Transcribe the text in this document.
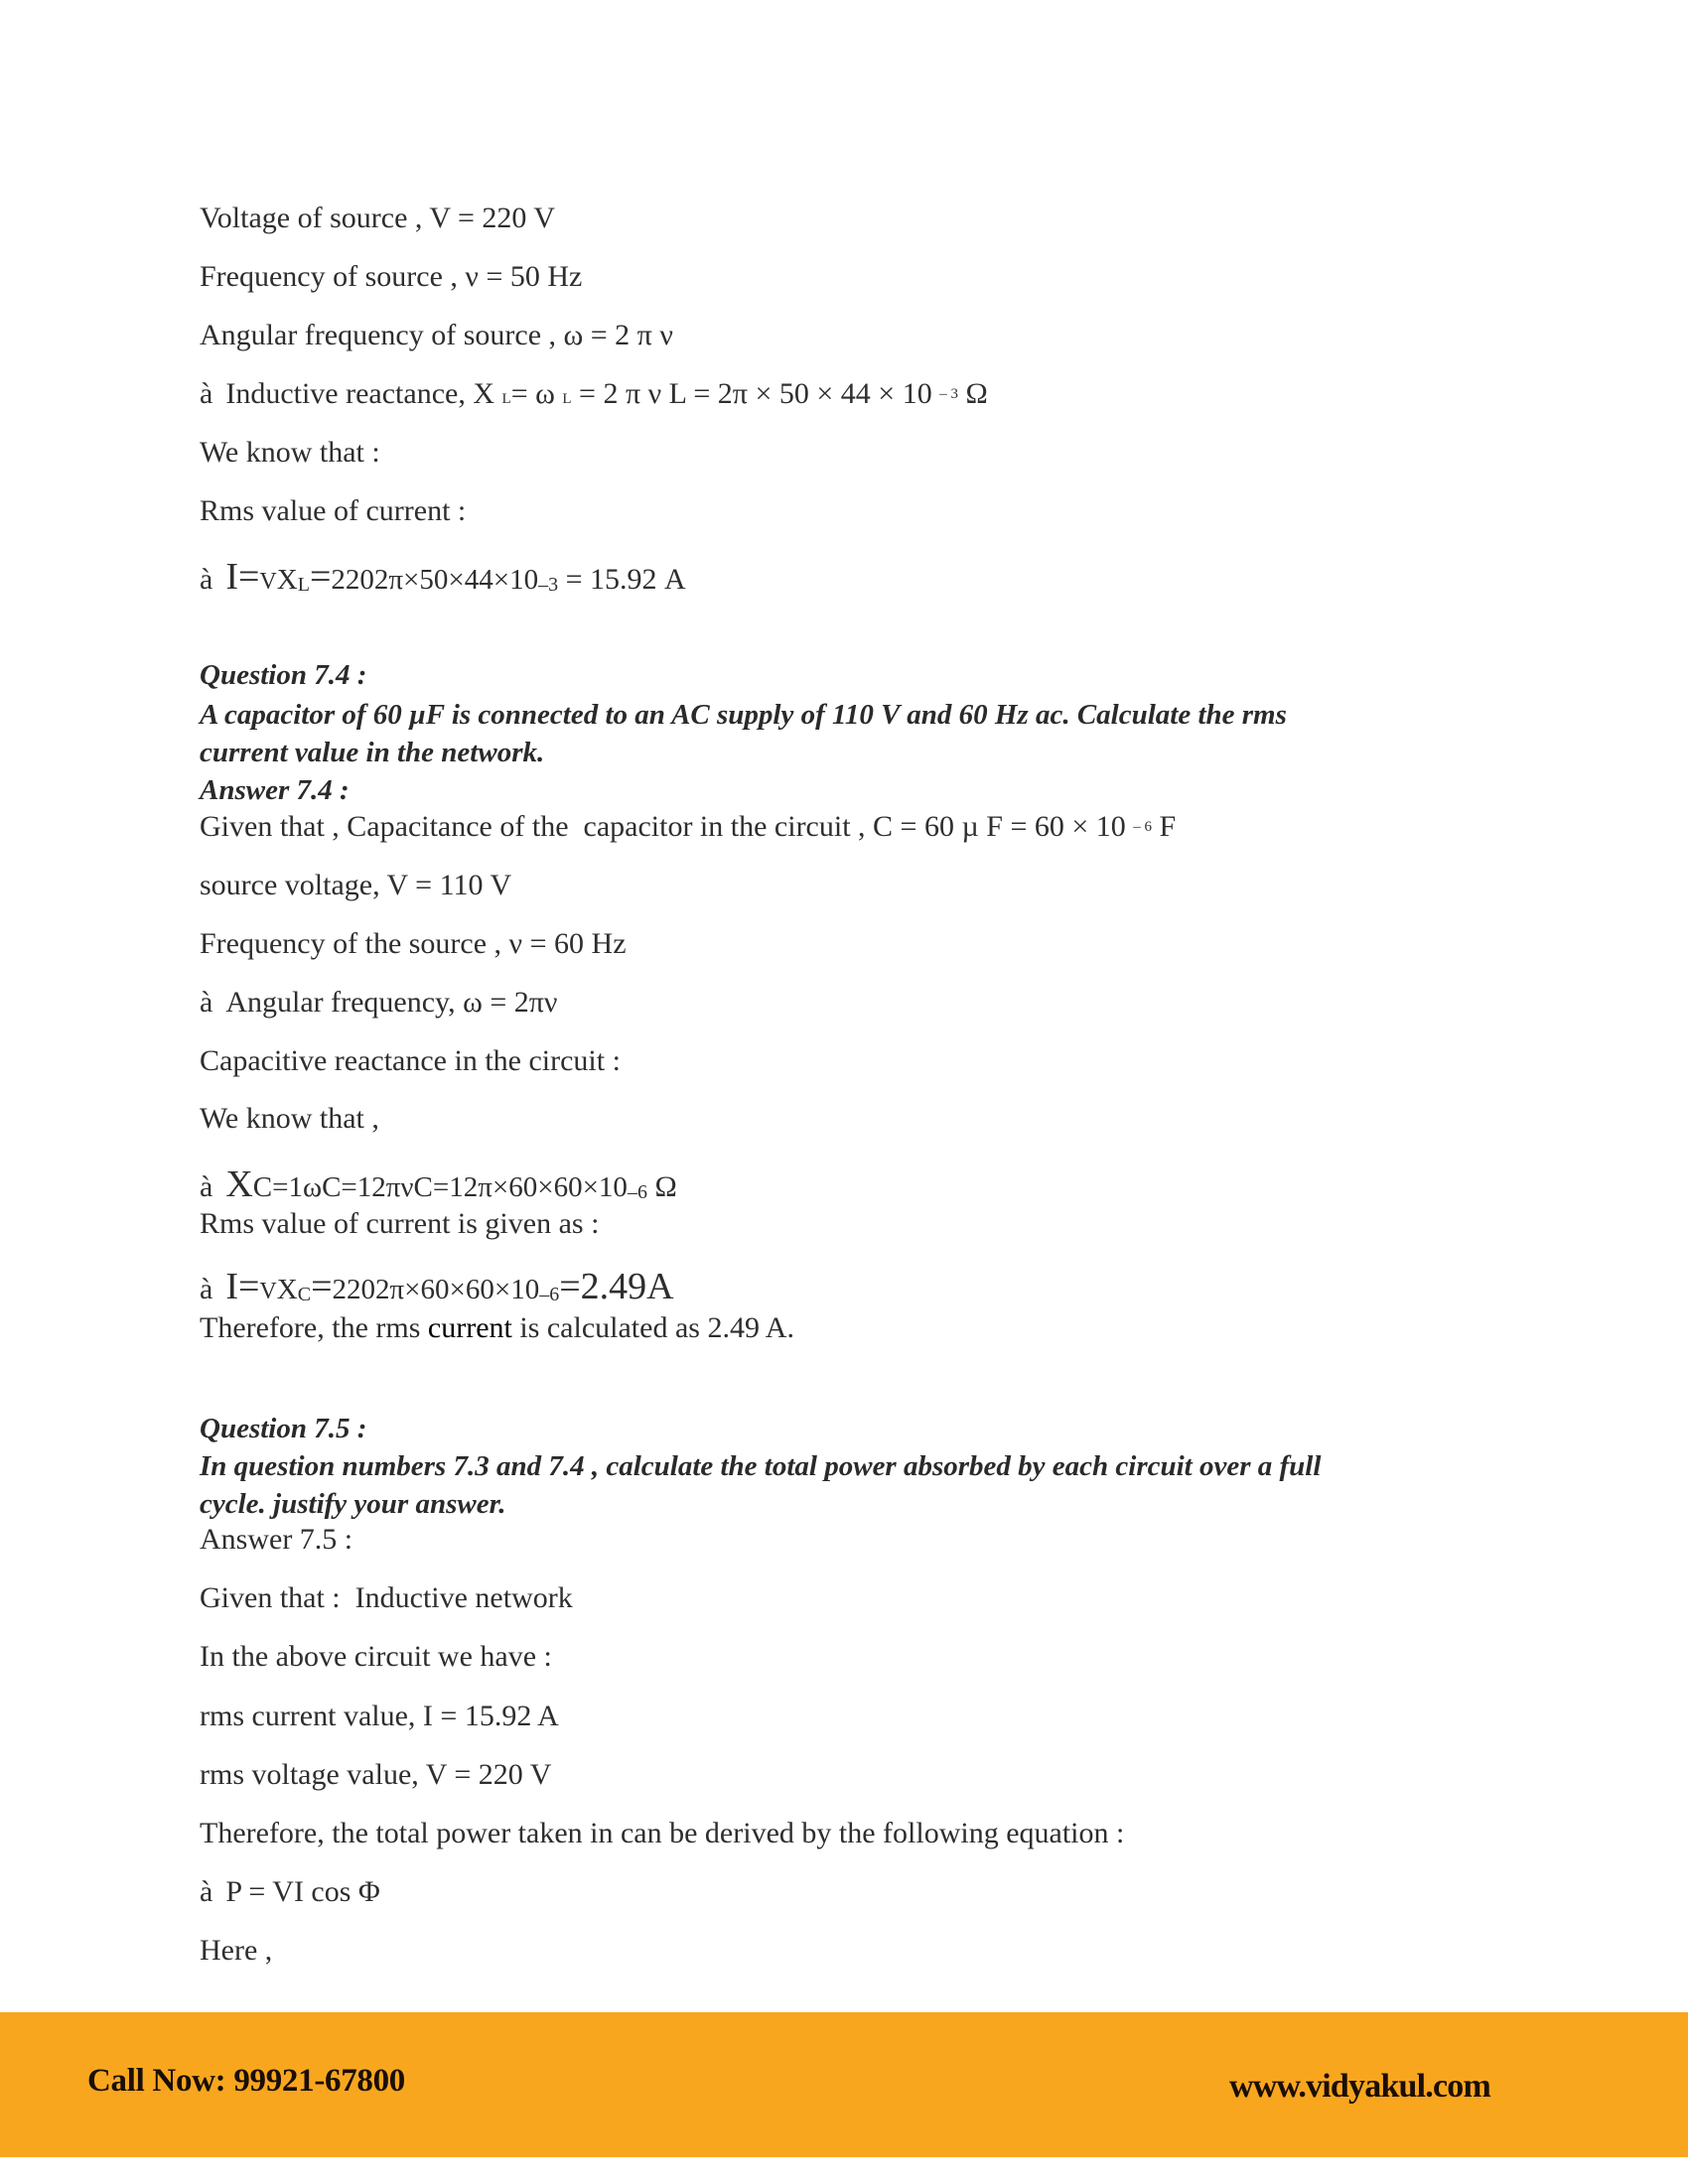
Voltage of source , V = 220 V
Frequency of source , ν = 50 Hz
Angular frequency of source , ω = 2 π ν
à Inductive reactance, X L= ω L = 2 π ν L = 2π × 50 × 44 × 10 – 3 Ω
We know that :
Rms value of current :
à I=VXL=2202π×50×44×10–3 = 15.92 A
Question 7.4 :
A capacitor of 60 µF is connected to an AC supply of 110 V and 60 Hz ac. Calculate the rms
current value in the network.
Answer 7.4 :
Given that , Capacitance of the  capacitor in the circuit , C = 60 µ F = 60 × 10 – 6 F
source voltage, V = 110 V
Frequency of the source , ν = 60 Hz
à Angular frequency, ω = 2πν
Capacitive reactance in the circuit :
We know that ,
à XC=1ωC=12πνC=12π×60×60×10–6 Ω
Rms value of current is given as :
à I=VXC=2202π×60×60×10–6=2.49A
Therefore, the rms current is calculated as 2.49 A.
Question 7.5 :
In question numbers 7.3 and 7.4 , calculate the total power absorbed by each circuit over a full
cycle. justify your answer.
Answer 7.5 :
Given that :  Inductive network
In the above circuit we have :
rms current value, I = 15.92 A
rms voltage value, V = 220 V
Therefore, the total power taken in can be derived by the following equation :
à P = VI cos Φ
Here ,
Call Now: 99921-67800	www.vidyakul.com
